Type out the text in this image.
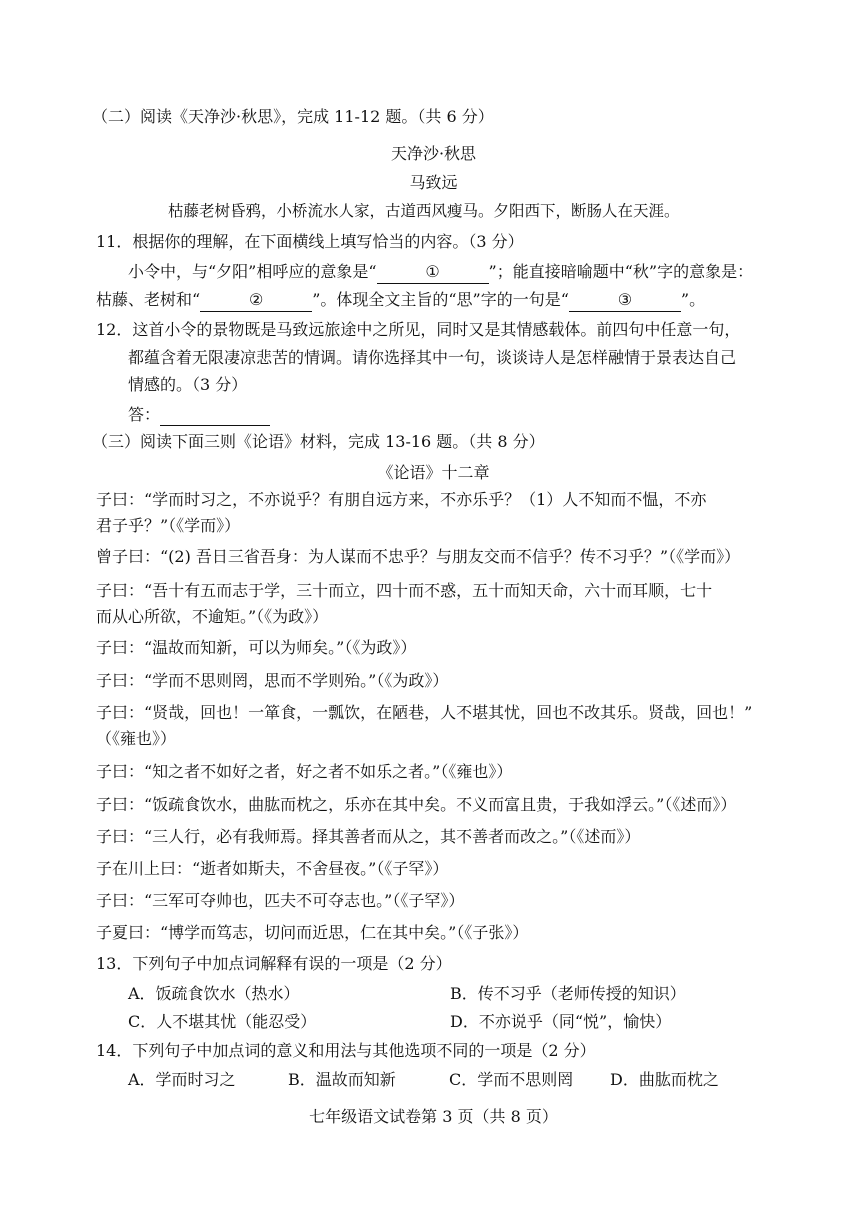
（二）阅读《天净沙·秋思》，完成 11-12 题。（共 6 分）
天净沙·秋思
马致远
枯藤老树昏鸦，小桥流水人家，古道西风瘦马。夕阳西下，断肠人在天涯。
11．根据你的理解，在下面横线上填写恰当的内容。（3 分）
小令中，与“夕阳”相呼应的意象是“	①	”；能直接暗喻题中“秋”字的意象是：
枯藤、老树和“	②	”。体现全文主旨的“思”字的一句是“	③	”。
12．这首小令的景物既是马致远旅途中之所见，同时又是其情感载体。前四句中任意一句，
都蕴含着无限凄凉悲苦的情调。请你选择其中一句，谈谈诗人是怎样融情于景表达自己
情感的。（3 分）
答：
（三）阅读下面三则《论语》材料，完成 13-16 题。（共 8 分）
《论语》十二章
子曰：“学而时习之，不亦说乎？有朋自远方来，不亦乐乎？（1）人不知而不愠，不亦
君子乎？”（《学而》）
曾子曰：“(2) 吾日三省吾身：为人谋而不忠乎？与朋友交而不信乎？传不习乎？”（《学而》）
子曰：“吾十有五而志于学，三十而立，四十而不惑，五十而知天命，六十而耳顺，七十
而从心所欲，不逾矩。”（《为政》）
子曰：“温故而知新，可以为师矣。”（《为政》）
子曰：“学而不思则罔，思而不学则殆。”（《为政》）
子曰：“贤哉，回也！一箪食，一瓢饮，在陋巷，人不堪其忧，回也不改其乐。贤哉，回也！”
（《雍也》）
子曰：“知之者不如好之者，好之者不如乐之者。”（《雍也》）
子曰：“饭疏食饮水，曲肱而枕之，乐亦在其中矣。不义而富且贵，于我如浮云。”（《述而》）
子曰：“三人行，必有我师焉。择其善者而从之，其不善者而改之。”（《述而》）
子在川上曰：“逝者如斯夫，不舍昼夜。”（《子罕》）
子曰：“三军可夺帅也，匹夫不可夺志也。”（《子罕》）
子夏曰：“博学而笃志，切问而近思，仁在其中矣。”（《子张》）
13．下列句子中加点词解释有误的一项是（2 分）
A．饭疏食饮水（热水）	B．传不习乎（老师传授的知识）
C．人不堪其忧（能忍受）	D．不亦说乎（同“悦”，愉快）
14．下列句子中加点词的意义和用法与其他选项不同的一项是（2 分）
A．学而时习之	B．温故而知新	C．学而不思则罔 D．曲肱而枕之
七年级语文试卷第 3 页（共 8 页）
